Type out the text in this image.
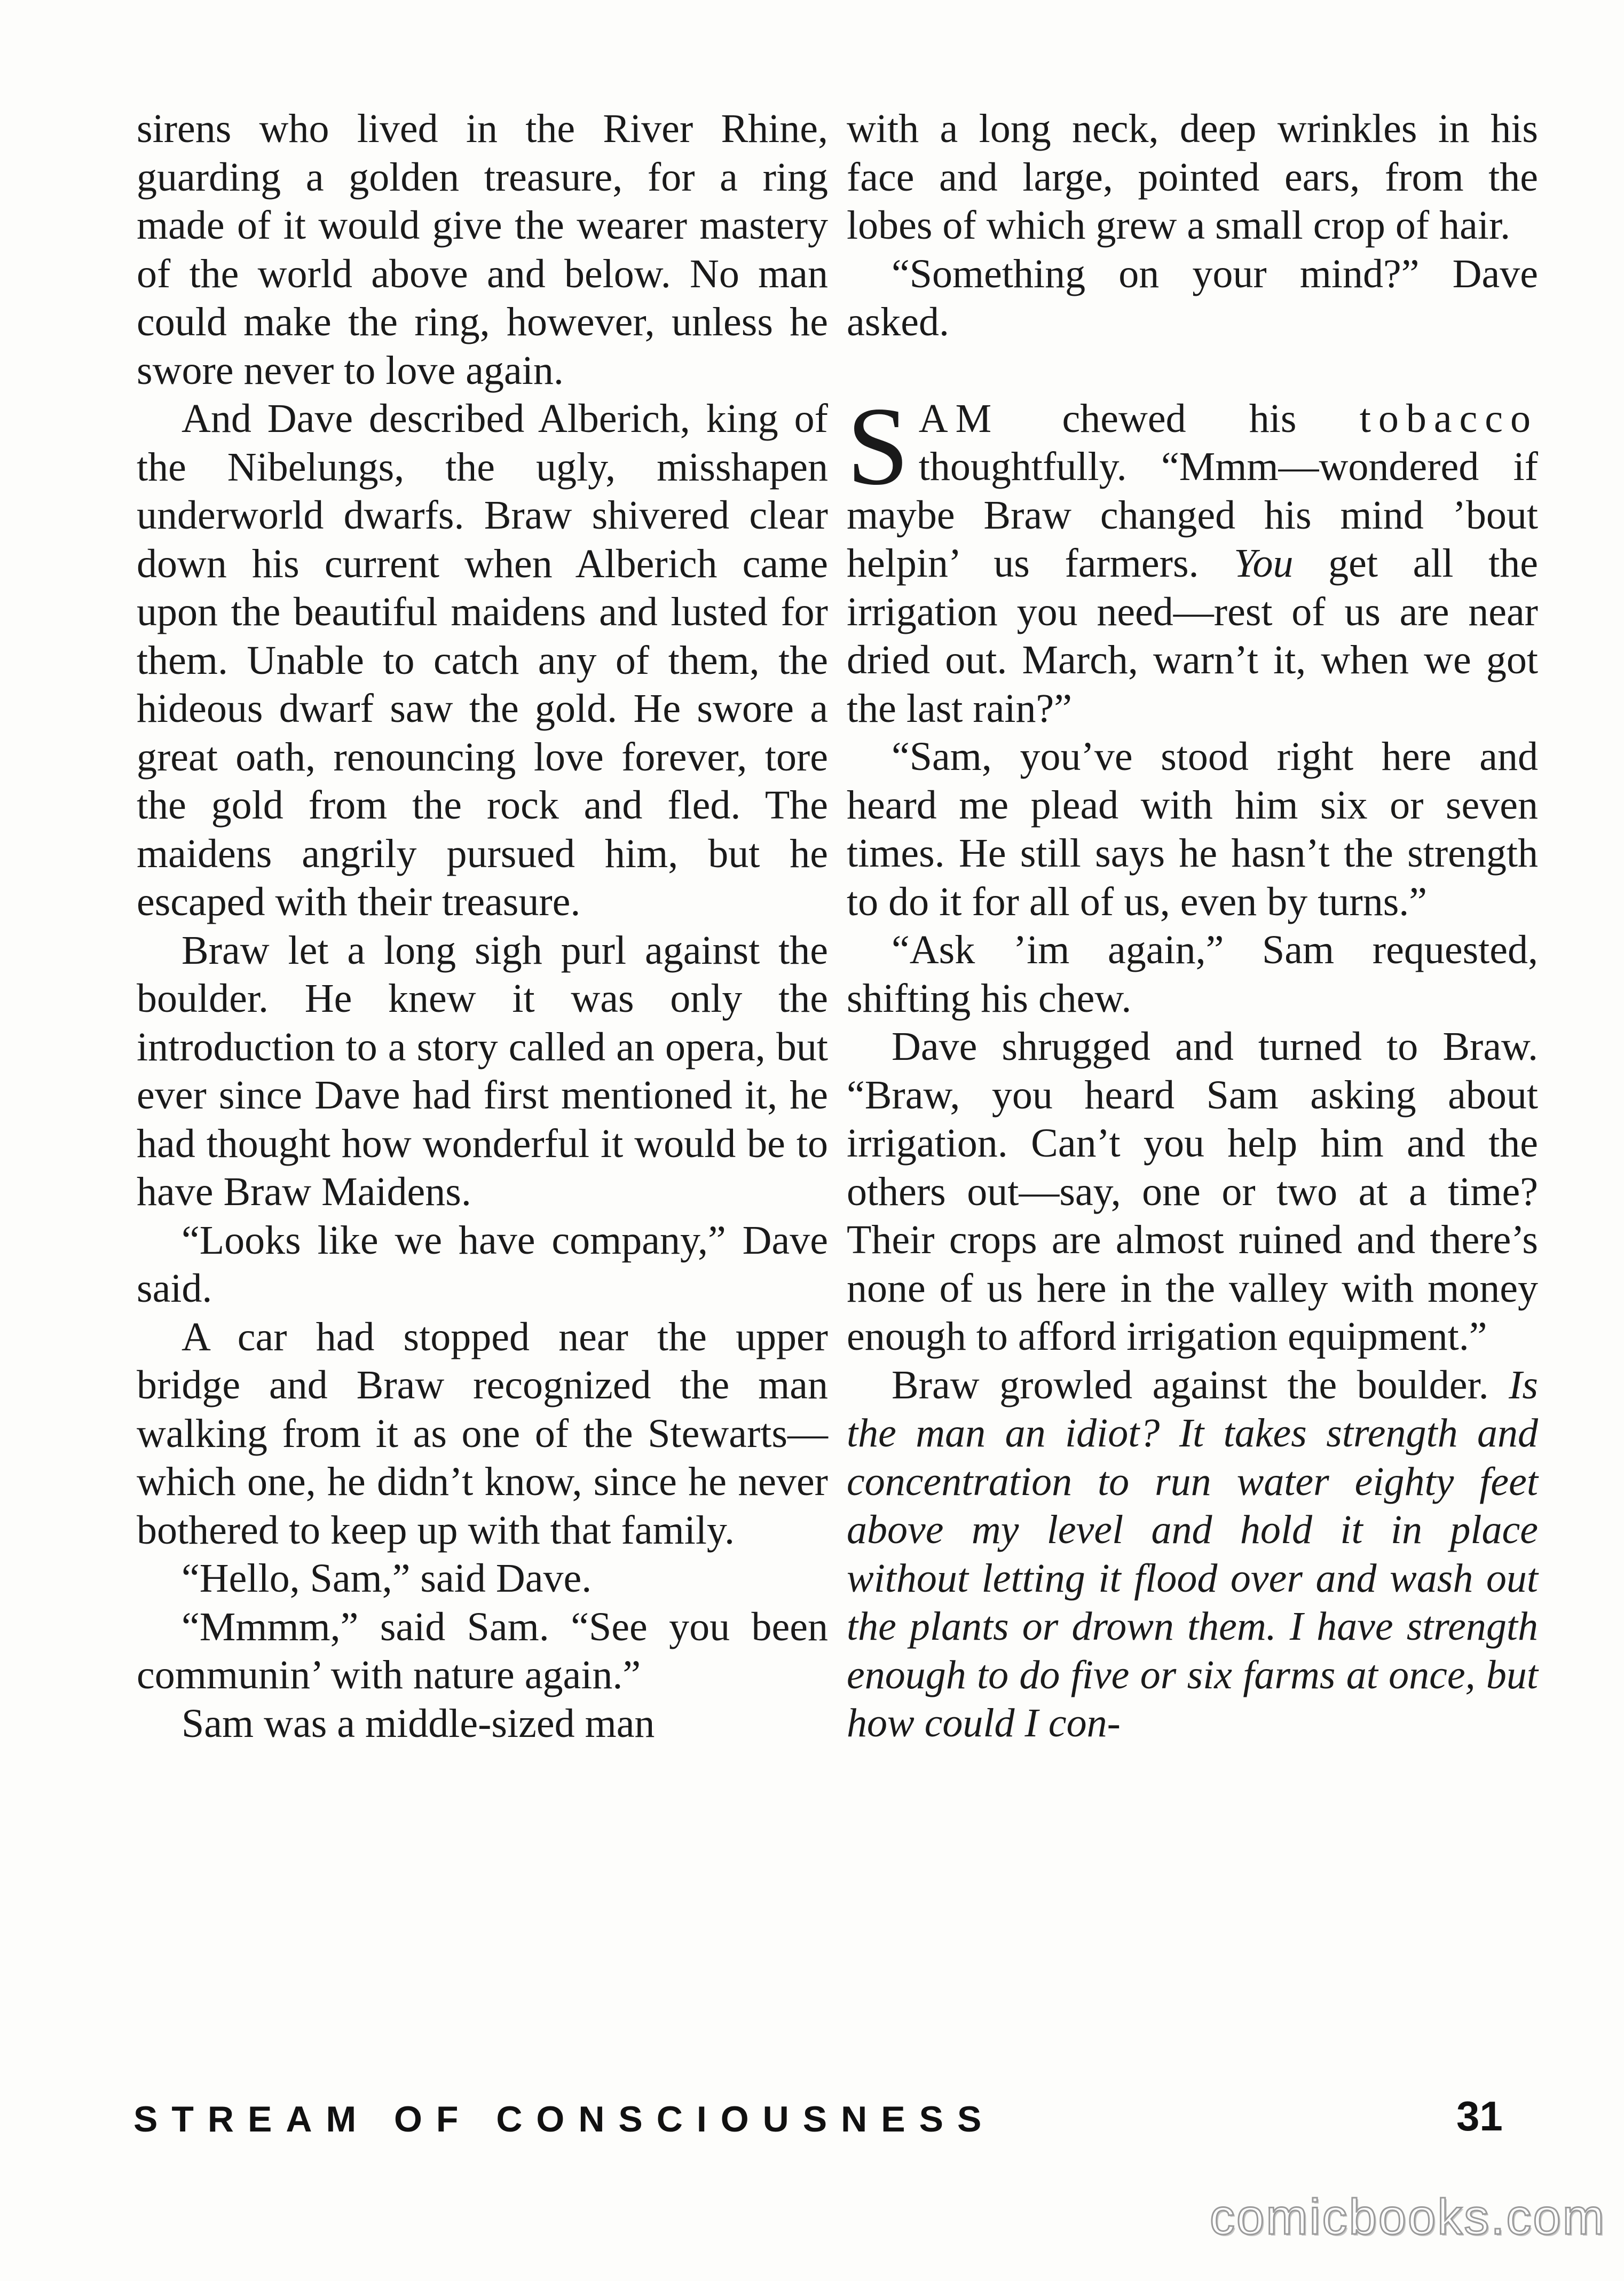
sirens who lived in the River Rhine, guarding a golden treasure, for a ring made of it would give the wearer mastery of the world above and below. No man could make the ring, however, unless he swore never to love again.

And Dave described Alberich, king of the Nibelungs, the ugly, misshapen underworld dwarfs. Braw shivered clear down his current when Alberich came upon the beautiful maidens and lusted for them. Unable to catch any of them, the hideous dwarf saw the gold. He swore a great oath, renouncing love forever, tore the gold from the rock and fled. The maidens angrily pursued him, but he escaped with their treasure.

Braw let a long sigh purl against the boulder. He knew it was only the introduction to a story called an opera, but ever since Dave had first mentioned it, he had thought how wonderful it would be to have Braw Maidens.

“Looks like we have company,” Dave said.

A car had stopped near the upper bridge and Braw recognized the man walking from it as one of the Stewarts—which one, he didn’t know, since he never bothered to keep up with that family.

“Hello, Sam,” said Dave.

“Mmmm,” said Sam. “See you been communin’ with nature again.”

Sam was a middle-sized man

with a long neck, deep wrinkles in his face and large, pointed ears, from the lobes of which grew a small crop of hair.

“Something on your mind?” Dave asked.

SAM chewed his tobacco thoughtfully. “Mmm—wondered if maybe Braw changed his mind ’bout helpin’ us farmers. You get all the irrigation you need—rest of us are near dried out. March, warn’t it, when we got the last rain?”

“Sam, you’ve stood right here and heard me plead with him six or seven times. He still says he hasn’t the strength to do it for all of us, even by turns.”

“Ask ’im again,” Sam requested, shifting his chew.

Dave shrugged and turned to Braw. “Braw, you heard Sam asking about irrigation. Can’t you help him and the others out—say, one or two at a time? Their crops are almost ruined and there’s none of us here in the valley with money enough to afford irrigation equipment.”

Braw growled against the boulder. Is the man an idiot? It takes strength and concentration to run water eighty feet above my level and hold it in place without letting it flood over and wash out the plants or drown them. I have strength enough to do five or six farms at once, but how could I con-

STREAM OF CONSCIOUSNESS	31
comicbooks.com
